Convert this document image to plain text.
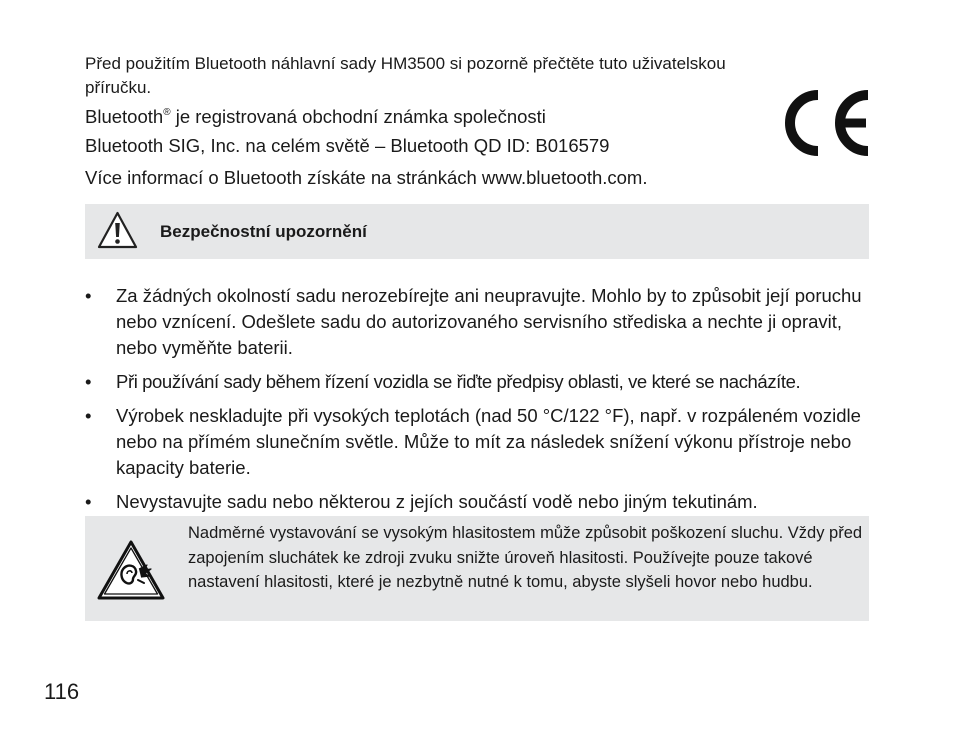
Před použitím Bluetooth náhlavní sady HM3500 si pozorně přečtěte tuto uživatelskou příručku.
Bluetooth® je registrovaná obchodní známka společnosti
Bluetooth SIG, Inc. na celém světě – Bluetooth QD ID: B016579
Více informací o Bluetooth získáte na stránkách www.bluetooth.com.
Bezpečnostní upozornění
• Za žádných okolností sadu nerozebírejte ani neupravujte. Mohlo by to způsobit její poruchu nebo vznícení. Odešlete sadu do autorizovaného servisního střediska a nechte ji opravit, nebo vyměňte baterii.
• Při používání sady během řízení vozidla se řiďte předpisy oblasti, ve které se nacházíte.
• Výrobek neskladujte při vysokých teplotách (nad 50 °C/122 °F), např. v rozpáleném vozidle nebo na přímém slunečním světle. Může to mít za následek snížení výkonu přístroje nebo kapacity baterie.
• Nevystavujte sadu nebo některou z jejích součástí vodě nebo jiným tekutinám.
Nadměrné vystavování se vysokým hlasitostem může způsobit poškození sluchu. Vždy před zapojením sluchátek ke zdroji zvuku snižte úroveň hlasitosti. Používejte pouze takové nastavení hlasitosti, které je nezbytně nutné k tomu, abyste slyšeli hovor nebo hudbu.
116
